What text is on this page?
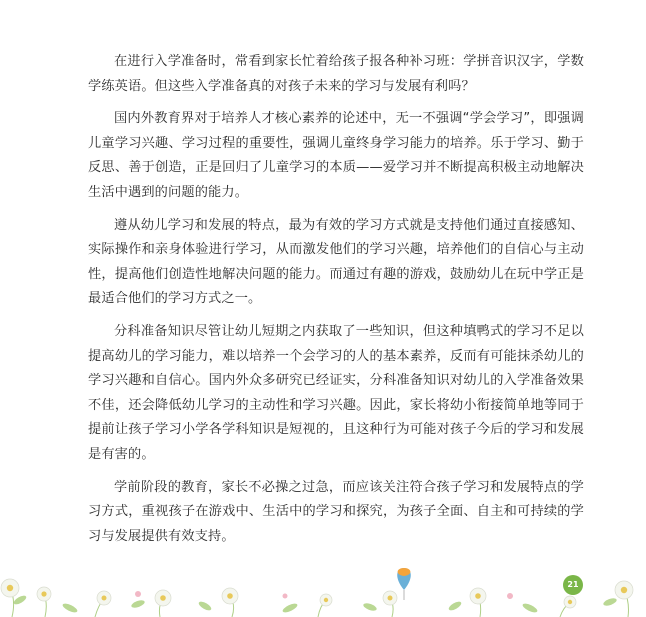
在进行入学准备时，常看到家长忙着给孩子报各种补习班：学拼音识汉字，学数学练英语。但这些入学准备真的对孩子未来的学习与发展有利吗？

国内外教育界对于培养人才核心素养的论述中，无一不强调“学会学习”，即强调儿童学习兴趣、学习过程的重要性，强调儿童终身学习能力的培养。乐于学习、勤于反思、善于创造，正是回归了儿童学习的本质——爱学习并不断提高积极主动地解决生活中遇到的问题的能力。

遵从幼儿学习和发展的特点，最为有效的学习方式就是支持他们通过直接感知、实际操作和亲身体验进行学习，从而激发他们的学习兴趣，培养他们的自信心与主动性，提高他们创造性地解决问题的能力。而通过有趣的游戏，鼓励幼儿在玩中学正是最适合他们的学习方式之一。

分科准备知识尽管让幼儿短期之内获取了一些知识，但这种填鸭式的学习不足以提高幼儿的学习能力，难以培养一个会学习的人的基本素养，反而有可能抹杀幼儿的学习兴趣和自信心。国内外众多研究已经证实，分科准备知识对幼儿的入学准备效果不佳，还会降低幼儿学习的主动性和学习兴趣。因此，家长将幼小衔接简单地等同于提前让孩子学习小学各学科知识是短视的，且这种行为可能对孩子今后的学习和发展是有害的。

学前阶段的教育，家长不必操之过急，而应该关注符合孩子学习和发展特点的学习方式，重视孩子在游戏中、生活中的学习和探究，为孩子全面、自主和可持续的学习与发展提供有效支持。

21
